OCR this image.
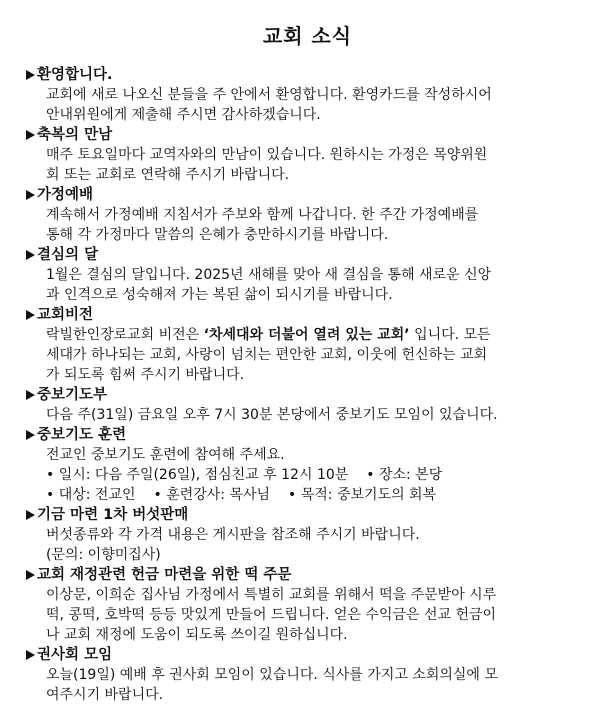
교회 소식
환영합니다.
교회에 새로 나오신 분들을 주 안에서 환영합니다. 환영카드를 작성하시어
안내위원에게 제출해 주시면 감사하겠습니다.
축복의 만남
매주 토요일마다 교역자와의 만남이 있습니다. 원하시는 가정은 목양위원
회 또는 교회로 연락해 주시기 바랍니다.
가정예배
계속해서 가정예배 지침서가 주보와 함께 나갑니다. 한 주간 가정예배를
통해 각 가정마다 말씀의 은혜가 충만하시기를 바랍니다.
결심의 달
1월은 결심의 달입니다. 2025년 새해를 맞아 새 결심을 통해 새로운 신앙
과 인격으로 성숙해져 가는 복된 삶이 되시기를 바랍니다.
교회비전
락빌한인장로교회 비전은 ‘차세대와 더불어 열려 있는 교회’ 입니다. 모든
세대가 하나되는 교회, 사랑이 넘치는 편안한 교회, 이웃에 헌신하는 교회
가 되도록 힘써 주시기 바랍니다.
중보기도부
다음 주(31일) 금요일 오후 7시 30분 본당에서 중보기도 모임이 있습니다.
중보기도 훈련
전교인 중보기도 훈련에 참여해 주세요.
• 일시: 다음 주일(26일), 점심친교 후 12시 10분 • 장소: 본당
• 대상: 전교인 • 훈련강사: 목사님 • 목적: 중보기도의 회복
기금 마련 1차 버섯판매
버섯종류와 각 가격 내용은 게시판을 참조해 주시기 바랍니다.
(문의: 이향미집사)
교회 재정관련 헌금 마련을 위한 떡 주문
이상문, 이희순 집사님 가정에서 특별히 교회를 위해서 떡을 주문받아 시루
떡, 콩떡, 호박떡 등등 맛있게 만들어 드립니다. 얻은 수익금은 선교 헌금이
나 교회 재정에 도움이 되도록 쓰이길 원하십니다.
권사회 모임
오늘(19일) 예배 후 권사회 모임이 있습니다. 식사를 가지고 소회의실에 모
여주시기 바랍니다.
